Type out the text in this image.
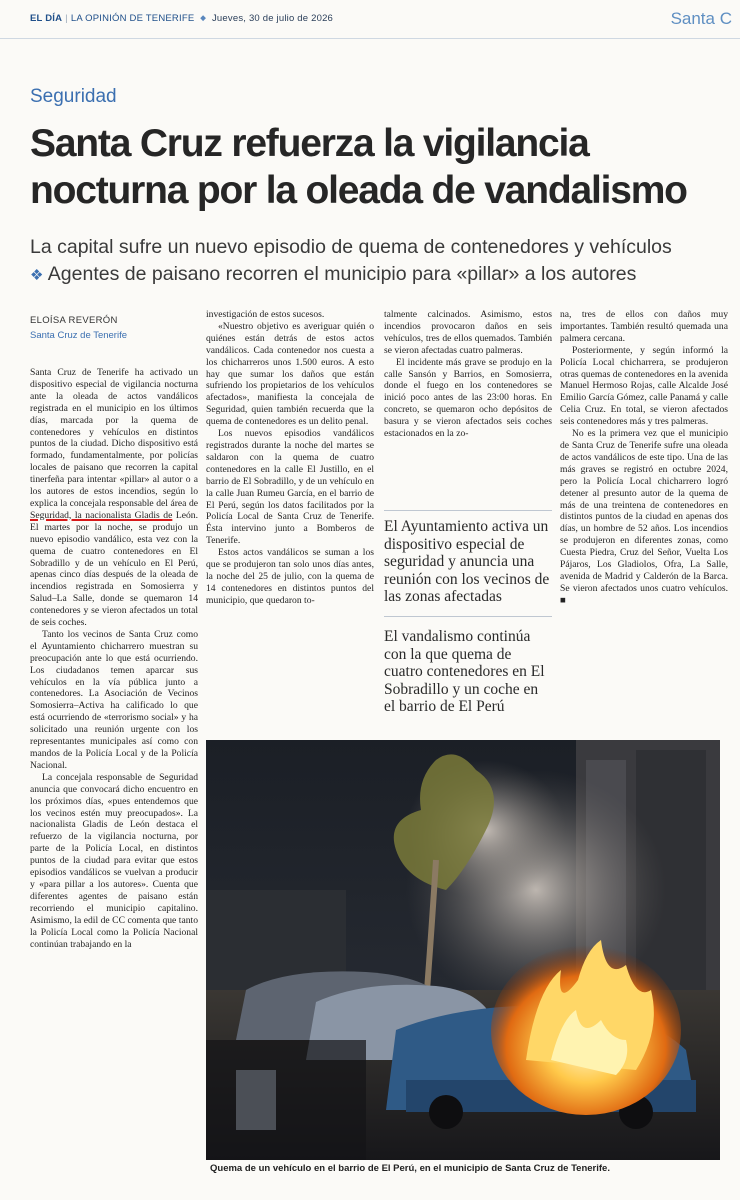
EL DÍA | LA OPINIÓN DE TENERIFE ◆ Jueves, 30 de julio de 2026	Santa C
Seguridad
Santa Cruz refuerza la vigilancia nocturna por la oleada de vandalismo
La capital sufre un nuevo episodio de quema de contenedores y vehículos
❖ Agentes de paisano recorren el municipio para «pillar» a los autores
ELOÍSA REVERÓN
Santa Cruz de Tenerife

Santa Cruz de Tenerife ha activado un dispositivo especial de vigilancia nocturna ante la oleada de actos vandálicos registrada en el municipio en los últimos días, marcada por la quema de contenedores y vehículos en distintos puntos de la ciudad. Dicho dispositivo está formado, fundamentalmente, por policías locales de paisano que recorren la capital tinerfeña para intentar «pillar» al autor o a los autores de estos incendios, según lo explica la concejala responsable del área de Seguridad, la nacionalista Gladis de León. El martes por la noche, se produjo un nuevo episodio vandálico, esta vez con la quema de cuatro contenedores en El Sobradillo y de un vehículo en El Perú, apenas cinco días después de la oleada de incendios registrada en Somosierra y Salud–La Salle, donde se quemaron 14 contenedores y se vieron afectados un total de seis coches.

Tanto los vecinos de Santa Cruz como el Ayuntamiento chicharrero muestran su preocupación ante lo que está ocurriendo. Los ciudadanos temen aparcar sus vehículos en la vía pública junto a contenedores. La Asociación de Vecinos Somosierra–Activa ha calificado lo que está ocurriendo de «terrorismo social» y ha solicitado una reunión urgente con los representantes municipales así como con mandos de la Policía Local y de la Policía Nacional.

La concejala responsable de Seguridad anuncia que convocará dicho encuentro en los próximos días, «pues entendemos que los vecinos estén muy preocupados». La nacionalista Gladis de León destaca el refuerzo de la vigilancia nocturna, por parte de la Policía Local, en distintos puntos de la ciudad para evitar que estos episodios vandálicos se vuelvan a producir y «para pillar a los autores». Cuenta que diferentes agentes de paisano están recorriendo el municipio capitalino. Asimismo, la edil de CC comenta que tanto la Policía Local como la Policía Nacional continúan trabajando en la

investigación de estos sucesos.

«Nuestro objetivo es averiguar quién o quiénes están detrás de estos actos vandálicos. Cada contenedor nos cuesta a los chicharreros unos 1.500 euros. A esto hay que sumar los daños que están sufriendo los propietarios de los vehículos afectados», manifiesta la concejala de Seguridad, quien también recuerda que la quema de contenedores es un delito penal.

Los nuevos episodios vandálicos registrados durante la noche del martes se saldaron con la quema de cuatro contenedores en la calle El Justillo, en el barrio de El Sobradillo, y de un vehículo en la calle Juan Rumeu García, en el barrio de El Perú, según los datos facilitados por la Policía Local de Santa Cruz de Tenerife. Ésta intervino junto a Bomberos de Tenerife.

Estos actos vandálicos se suman a los que se produjeron tan solo unos días antes, la noche del 25 de julio, con la quema de 14 contenedores en distintos puntos del municipio, que quedaron to-

talmente calcinados. Asimismo, estos incendios provocaron daños en seis vehículos, tres de ellos quemados. También se vieron afectadas cuatro palmeras.

El incidente más grave se produjo en la calle Sansón y Barrios, en Somosierra, donde el fuego en los contenedores se inició poco antes de las 23:00 horas. En concreto, se quemaron ocho depósitos de basura y se vieron afectados seis coches estacionados en la zo-

El Ayuntamiento activa un dispositivo especial de seguridad y anuncia una reunión con los vecinos de las zonas afectadas
El vandalismo continúa con la que quema de cuatro contenedores en El Sobradillo y un coche en el barrio de El Perú

na, tres de ellos con daños muy importantes. También resultó quemada una palmera cercana.

Posteriormente, y según informó la Policía Local chicharrera, se produjeron otras quemas de contenedores en la avenida Manuel Hermoso Rojas, calle Alcalde José Emilio García Gómez, calle Panamá y calle Celia Cruz. En total, se vieron afectados seis contenedores más y tres palmeras.

No es la primera vez que el municipio de Santa Cruz de Tenerife sufre una oleada de actos vandálicos de este tipo. Una de las más graves se registró en octubre 2024, pero la Policía Local chicharrero logró detener al presunto autor de la quema de más de una treintena de contenedores en distintos puntos de la ciudad en apenas dos días, un hombre de 52 años. Los incendios se produjeron en diferentes zonas, como Cuesta Piedra, Cruz del Señor, Vuelta Los Pájaros, Los Gladiolos, Ofra, La Salle, avenida de Madrid y Calderón de la Barca. Se vieron afectados unos cuatro vehículos. ■

Quema de un vehículo en el barrio de El Perú, en el municipio de Santa Cruz de Tenerife.
